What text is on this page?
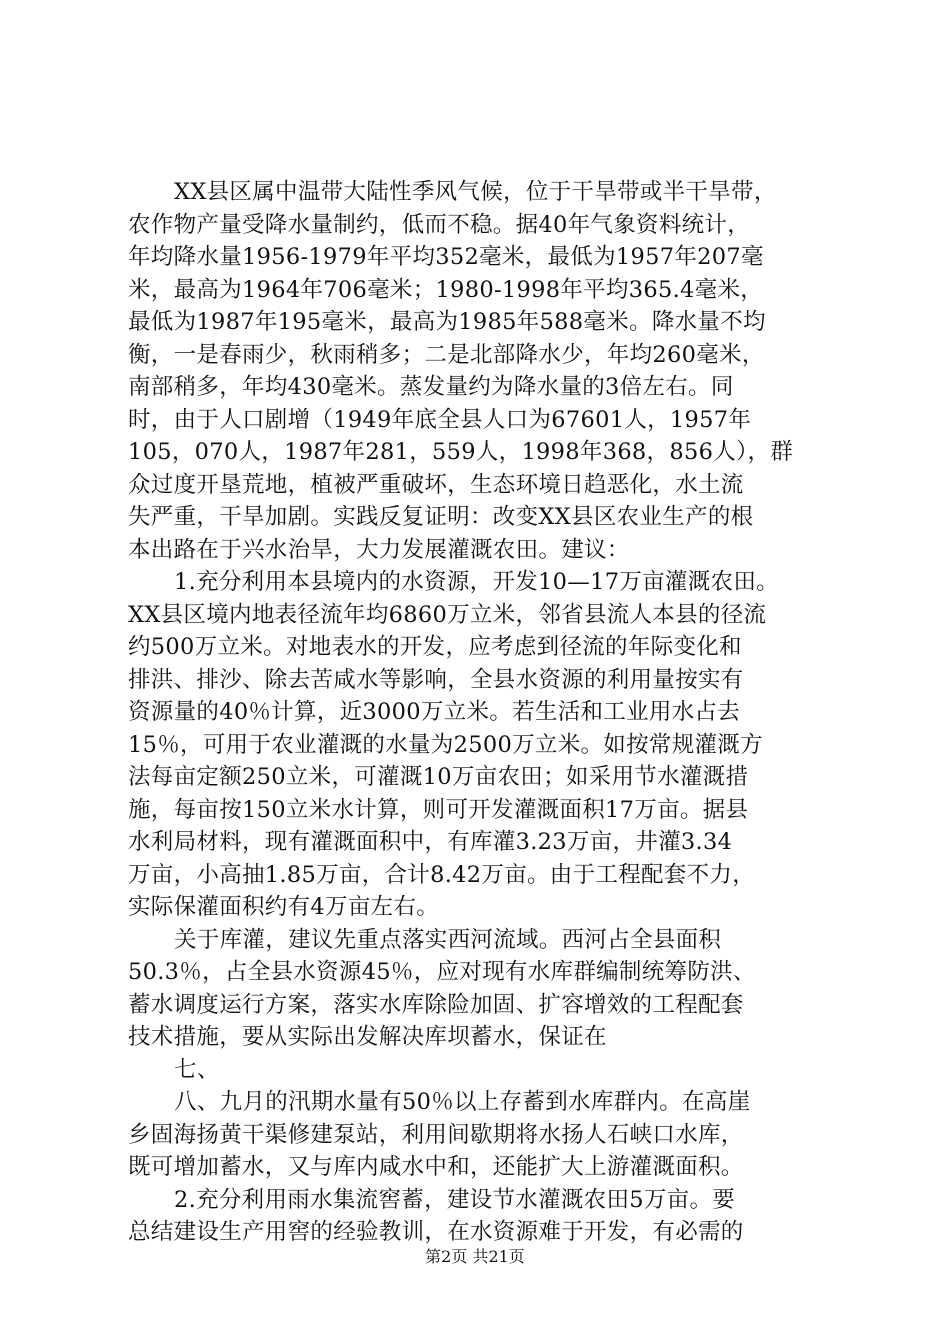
XX县区属中温带大陆性季风气候，位于干旱带或半干旱带，
农作物产量受降水量制约，低而不稳。据40年气象资料统计，
年均降水量1956-1979年平均352毫米，最低为1957年207毫
米，最高为1964年706毫米；1980-1998年平均365.4毫米，
最低为1987年195毫米，最高为1985年588毫米。降水量不均
衡，一是春雨少，秋雨稍多；二是北部降水少，年均260毫米，
南部稍多，年均430毫米。蒸发量约为降水量的3倍左右。同
时，由于人口剧增（1949年底全县人口为67601人，1957年
105，070人，1987年281，559人，1998年368，856人），群
众过度开垦荒地，植被严重破坏，生态环境日趋恶化，水土流
失严重，干旱加剧。实践反复证明：改变XX县区农业生产的根
本出路在于兴水治旱，大力发展灌溉农田。建议：
1.充分利用本县境内的水资源，开发10—17万亩灌溉农田。
XX县区境内地表径流年均6860万立米，邻省县流人本县的径流
约500万立米。对地表水的开发，应考虑到径流的年际变化和
排洪、排沙、除去苦咸水等影响，全县水资源的利用量按实有
资源量的40％计算，近3000万立米。若生活和工业用水占去
15％，可用于农业灌溉的水量为2500万立米。如按常规灌溉方
法每亩定额250立米，可灌溉10万亩农田；如采用节水灌溉措
施，每亩按150立米水计算，则可开发灌溉面积17万亩。据县
水利局材料，现有灌溉面积中，有库灌3.23万亩，井灌3.34
万亩，小高抽1.85万亩，合计8.42万亩。由于工程配套不力，
实际保灌面积约有4万亩左右。
关于库灌，建议先重点落实西河流域。西河占全县面积
50.3％，占全县水资源45％，应对现有水库群编制统筹防洪、
蓄水调度运行方案，落实水库除险加固、扩容增效的工程配套
技术措施，要从实际出发解决库坝蓄水，保证在
七、
八、九月的汛期水量有50％以上存蓄到水库群内。在高崖
乡固海扬黄干渠修建泵站，利用间歇期将水扬人石峡口水库，
既可增加蓄水，又与库内咸水中和，还能扩大上游灌溉面积。
2.充分利用雨水集流窖蓄，建设节水灌溉农田5万亩。要
总结建设生产用窖的经验教训，在水资源难于开发，有必需的
第2页 共21页
